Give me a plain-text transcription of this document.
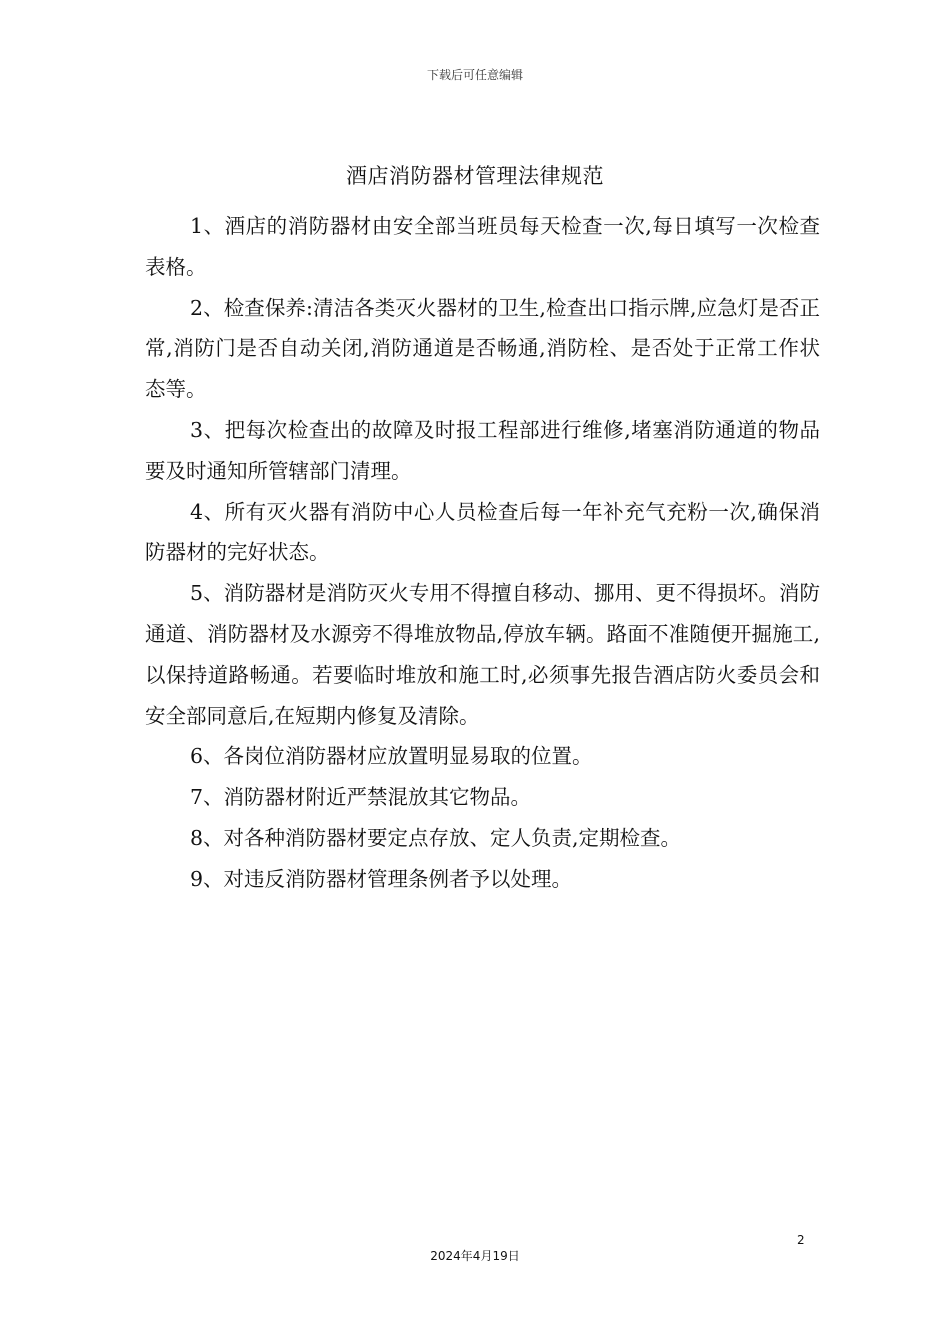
下载后可任意编辑
酒店消防器材管理法律规范

1、酒店的消防器材由安全部当班员每天检查一次,每日填写一次检查表格。

2、检查保养:清洁各类灭火器材的卫生,检查出口指示牌,应急灯是否正常,消防门是否自动关闭,消防通道是否畅通,消防栓、是否处于正常工作状态等。

3、把每次检查出的故障及时报工程部进行维修,堵塞消防通道的物品要及时通知所管辖部门清理。

4、所有灭火器有消防中心人员检查后每一年补充气充粉一次,确保消防器材的完好状态。

5、消防器材是消防灭火专用不得擅自移动、挪用、更不得损坏。消防通道、消防器材及水源旁不得堆放物品,停放车辆。路面不准随便开掘施工,以保持道路畅通。若要临时堆放和施工时,必须事先报告酒店防火委员会和安全部同意后,在短期内修复及清除。

6、各岗位消防器材应放置明显易取的位置。

7、消防器材附近严禁混放其它物品。

8、对各种消防器材要定点存放、定人负责,定期检查。

9、对违反消防器材管理条例者予以处理。

2
2024年4月19日
